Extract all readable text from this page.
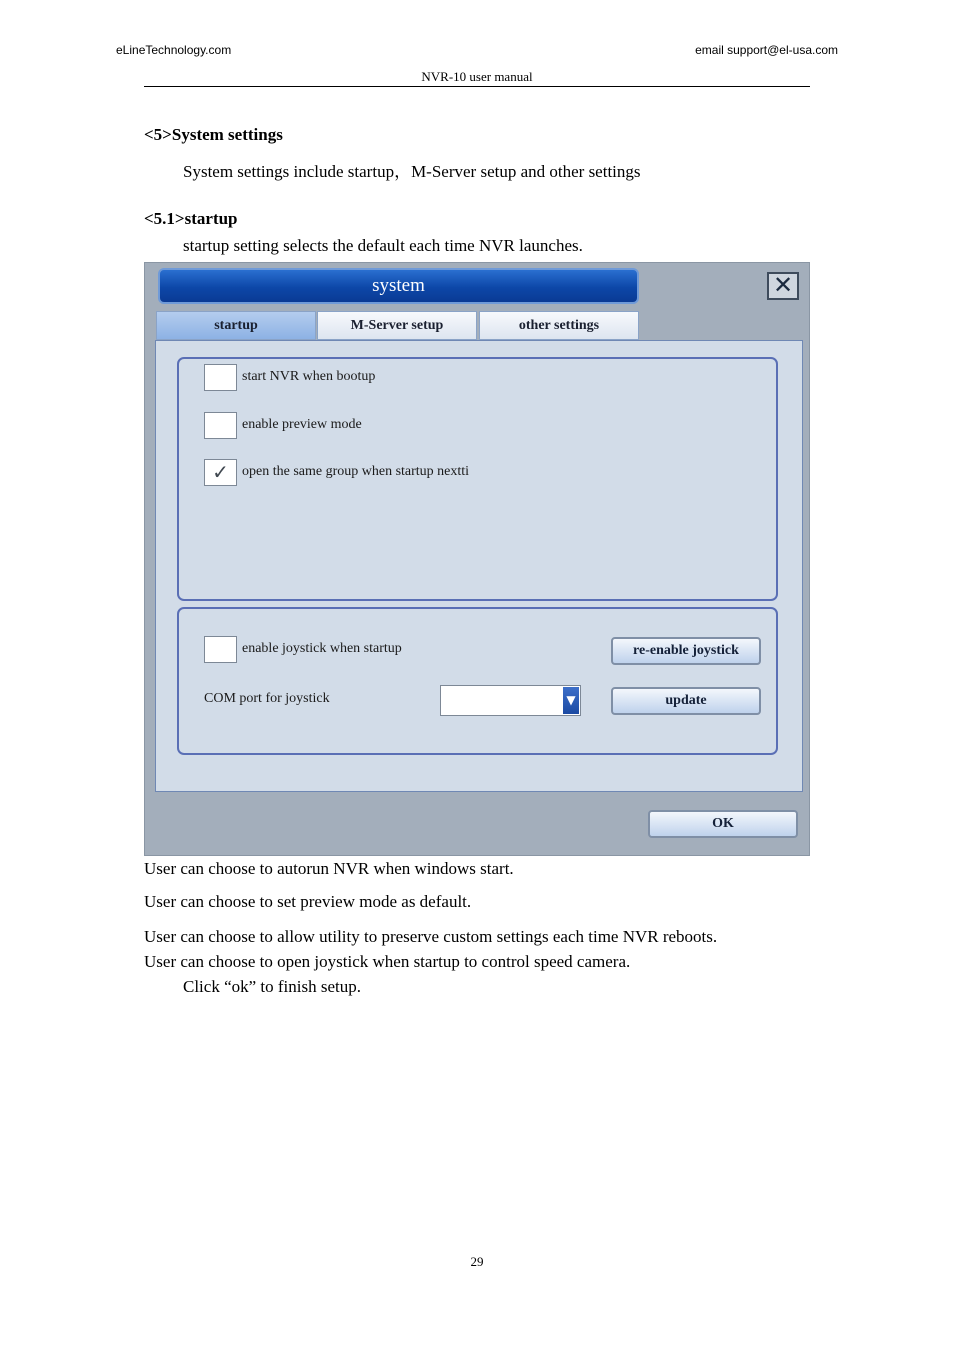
eLineTechnology.com	email support@el-usa.com
NVR-10 user manual
<5>System settings
System settings include startup，M-Server setup and other settings
<5.1>startup
startup setting selects the default each time NVR launches.
system	✕
startup	M-Server setup	other settings
start NVR when bootup
enable preview mode
✓ open the same group when startup nextti
enable joystick when startup
COM port for joystick	▼
re-enable joystick
update
OK
User can choose to autorun NVR when windows start.
User can choose to set preview mode as default.
User can choose to allow utility to preserve custom settings each time NVR reboots.
User can choose to open joystick when startup to control speed camera.
Click “ok” to finish setup.
29
